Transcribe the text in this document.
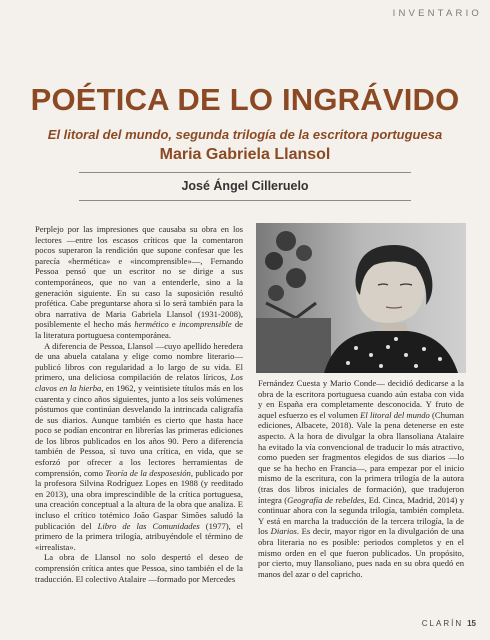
INVENTARIO
POÉTICA DE LO INGRÁVIDO
El litoral del mundo, segunda trilogía de la escritora portuguesa
Maria Gabriela Llansol
José Ángel Cilleruelo

Perplejo por las impresiones que causaba su obra en los lectores —entre los escasos críticos que la comentaron pocos superaron la rendición que supone confesar que les parecía «hermética» e «incomprensible»—, Fernando Pessoa pensó que un escritor no se dirige a sus contemporáneos, que no van a entenderle, sino a la generación siguiente. En su caso la suposición resultó profética. Cabe preguntarse ahora si lo será también para la obra narrativa de Maria Gabriela Llansol (1931-2008), posiblemente el hecho más hermético e incomprensible de la literatura portuguesa contemporánea.

A diferencia de Pessoa, Llansol —cuyo apellido heredera de una abuela catalana y elige como nombre literario— publicó libros con regularidad a lo largo de su vida. El primero, una deliciosa compilación de relatos líricos, Los clavos en la hierba, en 1962, y veintisiete títulos más en los cuarenta y cinco años siguientes, junto a los seis volúmenes póstumos que continúan desvelando la intrincada caligrafía de sus diarios. Aunque también es cierto que hasta hace poco se podían encontrar en librerías las primeras ediciones de los libros publicados en los años 90. Pero a diferencia también de Pessoa, sí tuvo una crítica, en vida, que se esforzó por ofrecer a los lectores herramientas de comprensión, como Teoría de la desposesión, publicado por la profesora Silvina Rodríguez Lopes en 1988 (y reeditado en 2013), una obra imprescindible de la crítica portuguesa, una creación conceptual a la altura de la obra que analiza. E incluso el crítico totémico João Gaspar Simões saludó la publicación del Libro de las Comunidades (1977), el primero de la primera trilogía, atribuyéndole el término de «irrealista».

La obra de Llansol no solo despertó el deseo de comprensión crítica antes que Pessoa, sino también el de la traducción. El colectivo Atalaire —formado por Mercedes

Fernández Cuesta y Mario Conde— decidió dedicarse a la obra de la escritora portuguesa cuando aún estaba con vida y en España era completamente desconocida. Y fruto de aquel esfuerzo es el volumen El litoral del mundo (Chuman ediciones, Albacete, 2018). Vale la pena detenerse en este aspecto. A la hora de divulgar la obra llansoliana Atalaire ha evitado la vía convencional de traducir lo más atractivo, como pueden ser fragmentos elegidos de sus diarios —lo que se ha hecho en Francia—, para empezar por el inicio mismo de la escritura, con la primera trilogía de la autora (tras dos libros iniciales de formación), que tradujeron íntegra (Geografía de rebeldes, Ed. Cinca, Madrid, 2014) y continuar ahora con la segunda trilogía, también completa. Y está en marcha la traducción de la tercera trilogía, la de los Diarios. Es decir, mayor rigor en la divulgación de una obra literaria no es posible: periodos completos y en el mismo orden en el que fueron publicados. Un propósito, por cierto, muy llansoliano, pues nada en su obra quedó en manos del azar o del capricho.

CLARÍN 15
